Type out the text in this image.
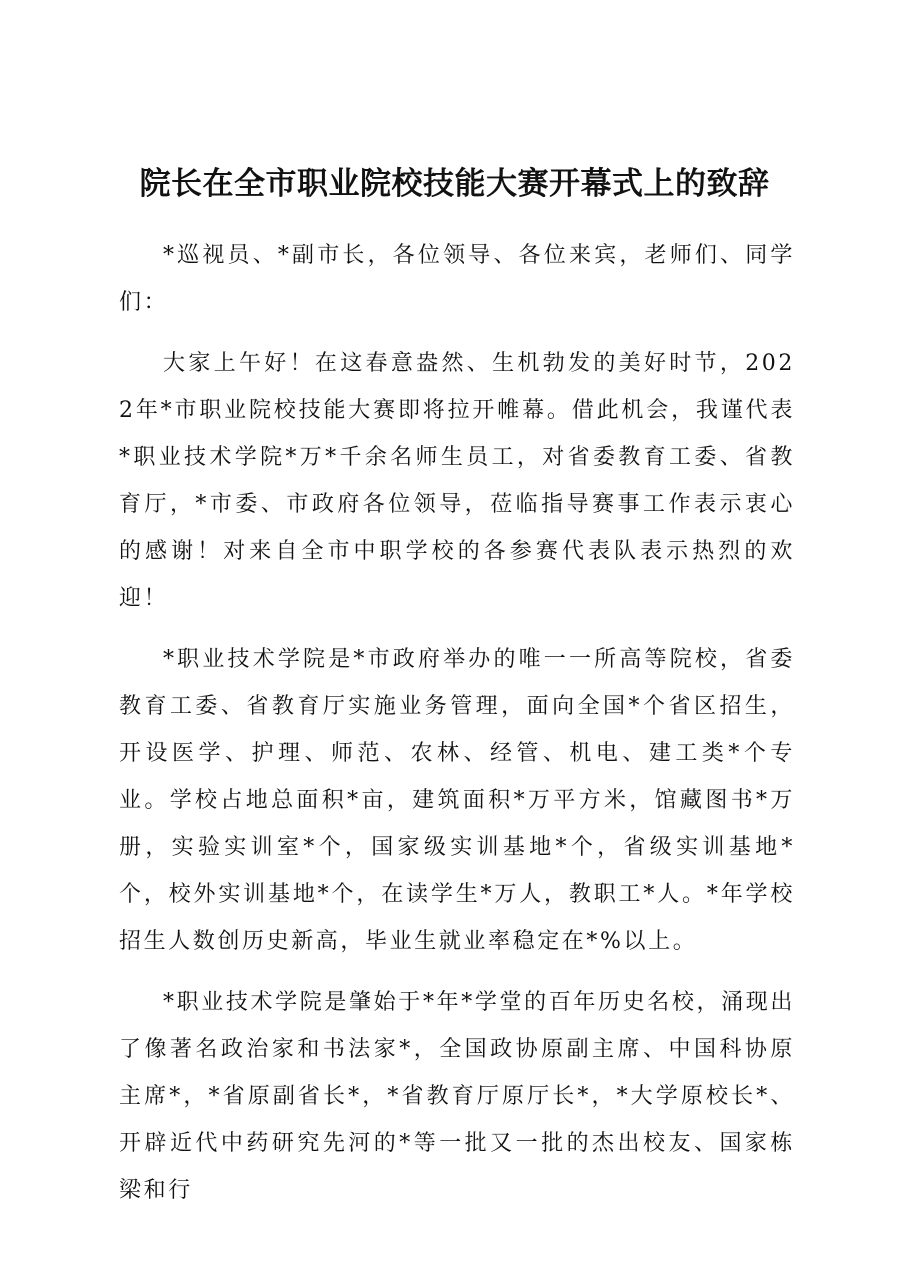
院长在全市职业院校技能大赛开幕式上的致辞

*巡视员、*副市长，各位领导、各位来宾，老师们、同学们：

大家上午好！在这春意盎然、生机勃发的美好时节，2022年*市职业院校技能大赛即将拉开帷幕。借此机会，我谨代表*职业技术学院*万*千余名师生员工，对省委教育工委、省教育厅，*市委、市政府各位领导，莅临指导赛事工作表示衷心的感谢！对来自全市中职学校的各参赛代表队表示热烈的欢迎！

*职业技术学院是*市政府举办的唯一一所高等院校，省委教育工委、省教育厅实施业务管理，面向全国*个省区招生，开设医学、护理、师范、农林、经管、机电、建工类*个专业。学校占地总面积*亩，建筑面积*万平方米，馆藏图书*万册，实验实训室*个，国家级实训基地*个，省级实训基地*个，校外实训基地*个，在读学生*万人，教职工*人。*年学校招生人数创历史新高，毕业生就业率稳定在*%以上。

*职业技术学院是肇始于*年*学堂的百年历史名校，涌现出了像著名政治家和书法家*，全国政协原副主席、中国科协原主席*，*省原副省长*，*省教育厅原厅长*，*大学原校长*、开辟近代中药研究先河的*等一批又一批的杰出校友、国家栋梁和行
